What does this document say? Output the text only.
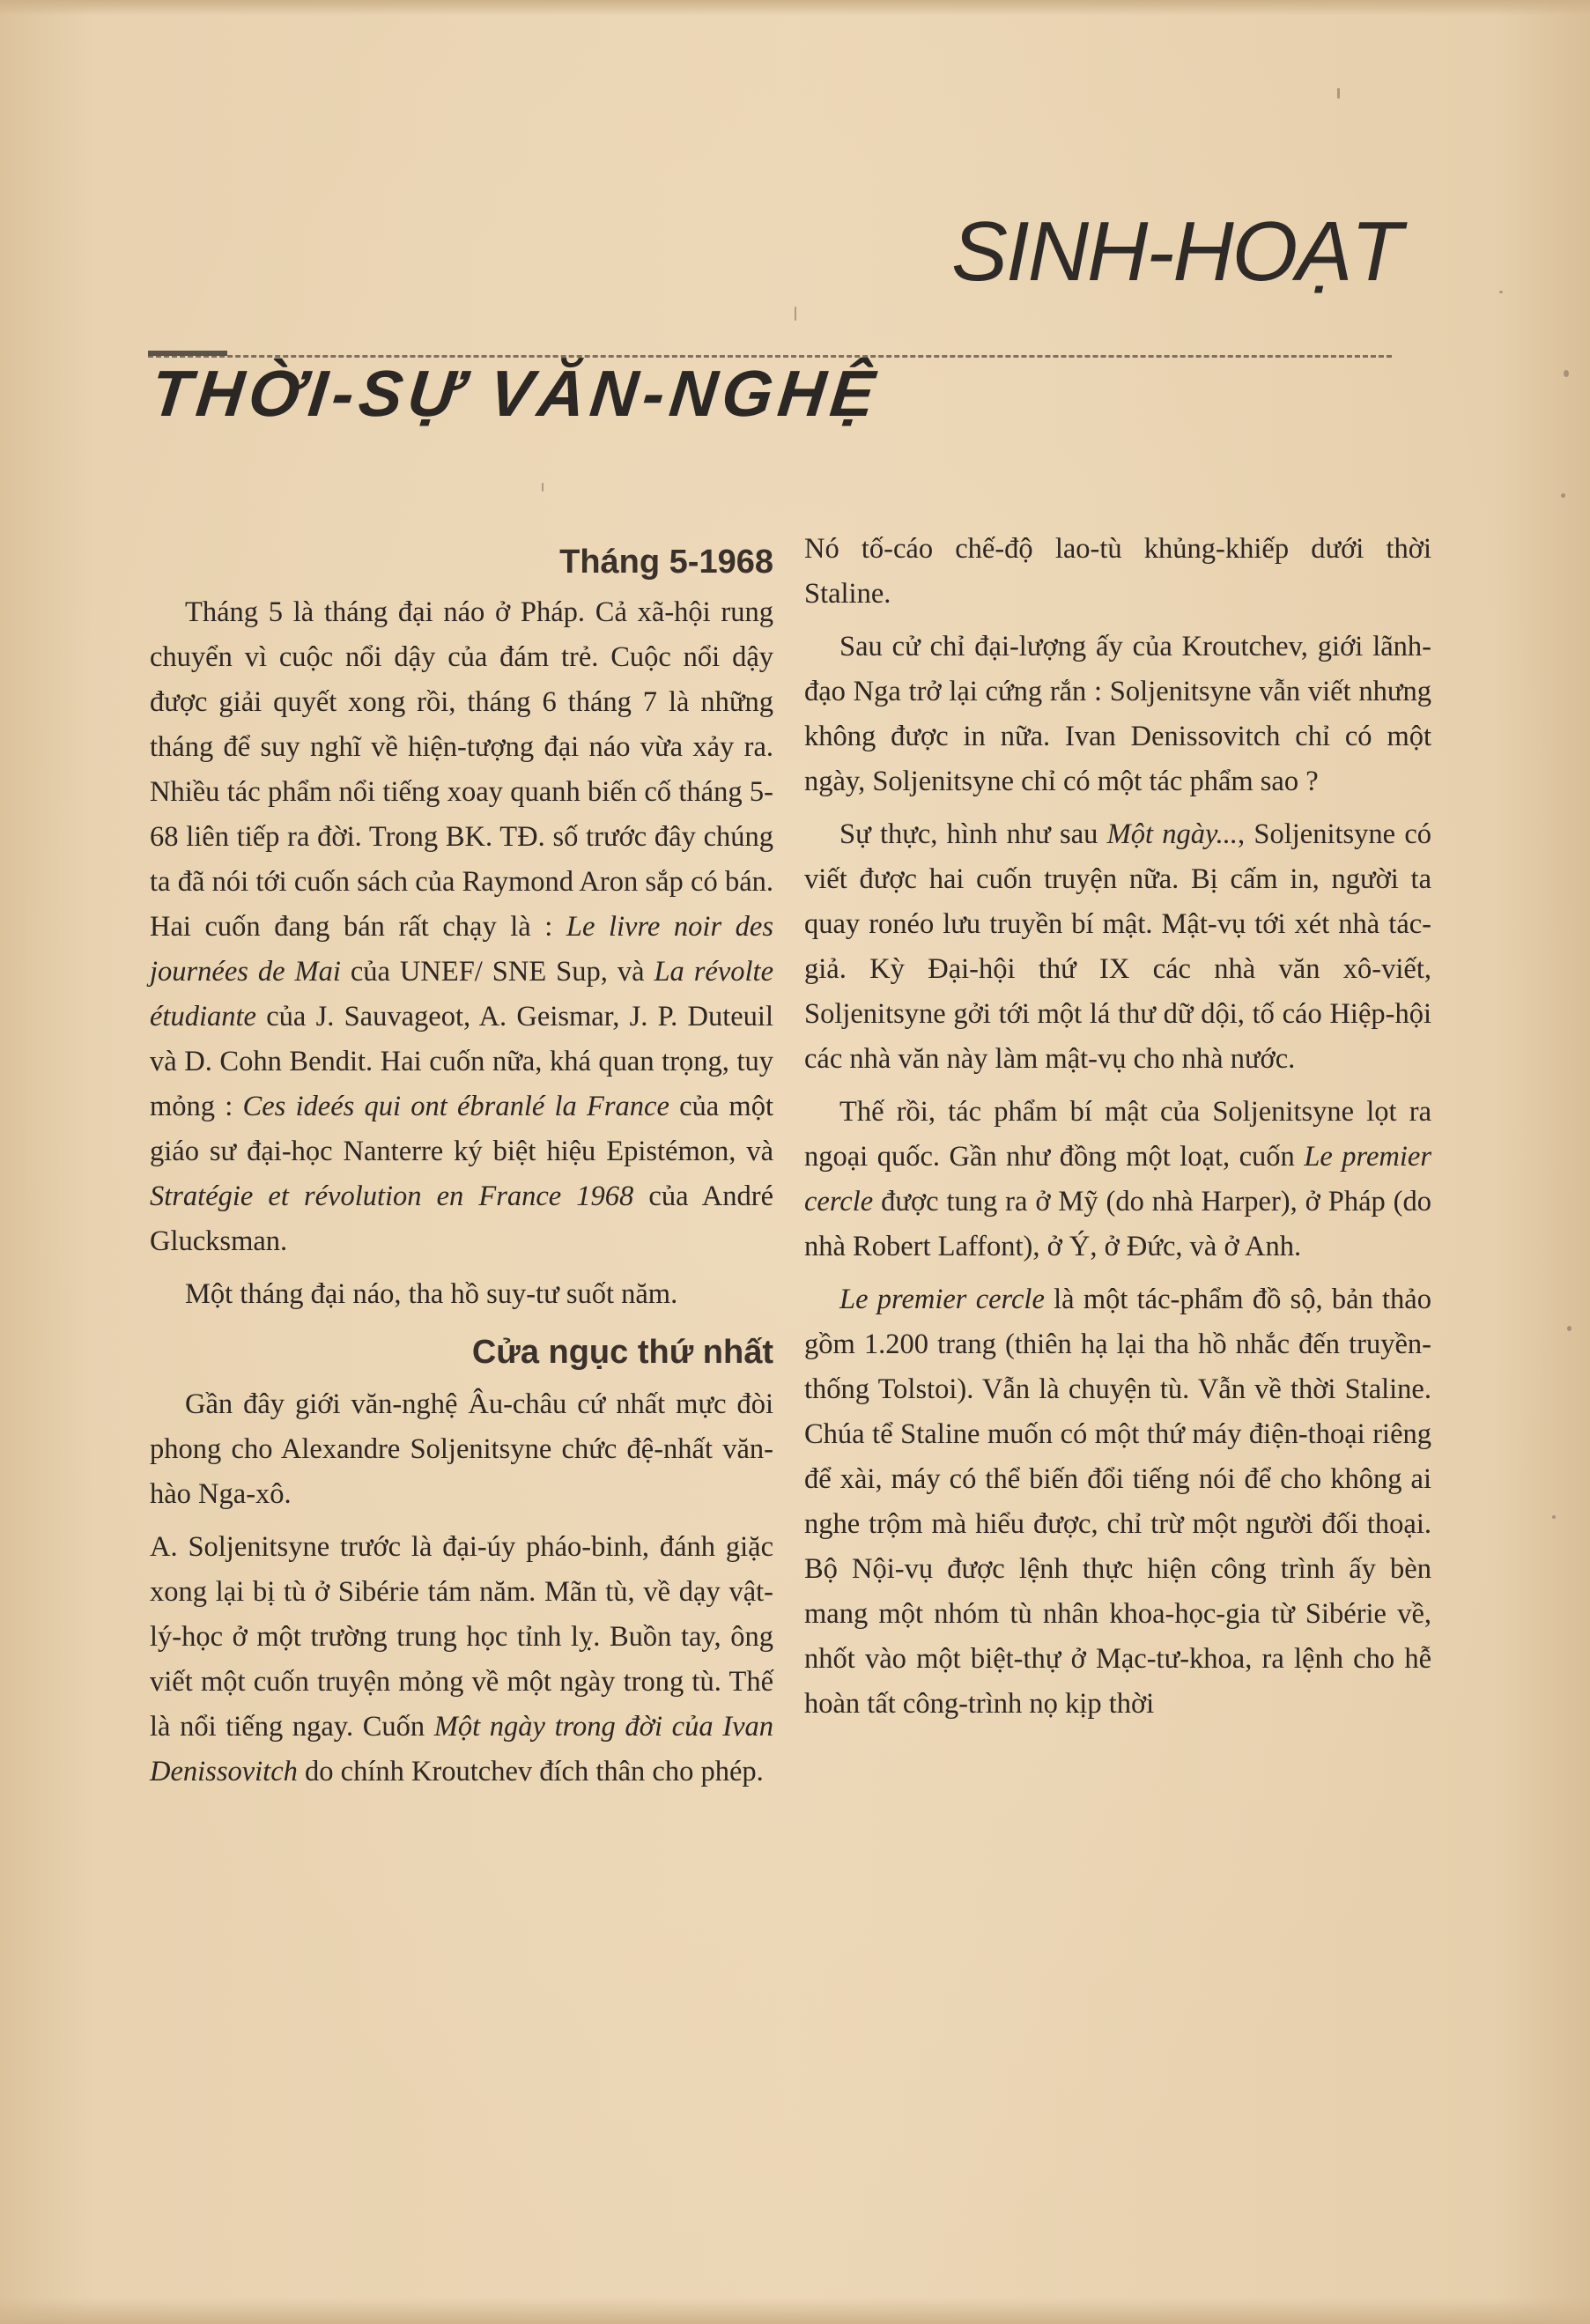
SINH-HOẠT
THỜI-SỰ VĂN-NGHỆ
Tháng 5-1968

Tháng 5 là tháng đại náo ở Pháp. Cả xã-hội rung chuyển vì cuộc nổi dậy của đám trẻ. Cuộc nổi dậy được giải quyết xong rồi, tháng 6 tháng 7 là những tháng để suy nghĩ về hiện-tượng đại náo vừa xảy ra. Nhiều tác phẩm nổi tiếng xoay quanh biến cố tháng 5-68 liên tiếp ra đời. Trong BK. TĐ. số trước đây chúng ta đã nói tới cuốn sách của Raymond Aron sắp có bán. Hai cuốn đang bán rất chạy là : Le livre noir des journées de Mai của UNEF/ SNE Sup, và La révolte étudiante của J. Sauvageot, A. Geismar, J. P. Duteuil và D. Cohn Bendit. Hai cuốn nữa, khá quan trọng, tuy mỏng : Ces ideés qui ont ébranlé la France của một giáo sư đại-học Nanterre ký biệt hiệu Epistémon, và Stratégie et révolution en France 1968 của André Glucksman.

Một tháng đại náo, tha hồ suy-tư suốt năm.

Cửa ngục thứ nhất

Gần đây giới văn-nghệ Âu-châu cứ nhất mực đòi phong cho Alexandre Soljenitsyne chức đệ-nhất văn-hào Nga-xô.

A. Soljenitsyne trước là đại-úy pháo-binh, đánh giặc xong lại bị tù ở Sibérie tám năm. Mãn tù, về dạy vật-lý-học ở một trường trung học tỉnh lỵ. Buồn tay, ông viết một cuốn truyện mỏng về một ngày trong tù. Thế là nổi tiếng ngay. Cuốn Một ngày trong đời của Ivan Denissovitch do chính Kroutchev đích thân cho phép.

Nó tố-cáo chế-độ lao-tù khủng-khiếp dưới thời Staline.

Sau cử chỉ đại-lượng ấy của Kroutchev, giới lãnh-đạo Nga trở lại cứng rắn : Soljenitsyne vẫn viết nhưng không được in nữa. Ivan Denissovitch chỉ có một ngày, Soljenitsyne chỉ có một tác phẩm sao ?

Sự thực, hình như sau Một ngày..., Soljenitsyne có viết được hai cuốn truyện nữa. Bị cấm in, người ta quay ronéo lưu truyền bí mật. Mật-vụ tới xét nhà tác-giả. Kỳ Đại-hội thứ IX các nhà văn xô-viết, Soljenitsyne gởi tới một lá thư dữ dội, tố cáo Hiệp-hội các nhà văn này làm mật-vụ cho nhà nước.

Thế rồi, tác phẩm bí mật của Soljenitsyne lọt ra ngoại quốc. Gần như đồng một loạt, cuốn Le premier cercle được tung ra ở Mỹ (do nhà Harper), ở Pháp (do nhà Robert Laffont), ở Ý, ở Đức, và ở Anh.

Le premier cercle là một tác-phẩm đồ sộ, bản thảo gồm 1.200 trang (thiên hạ lại tha hồ nhắc đến truyền-thống Tolstoi). Vẫn là chuyện tù. Vẫn về thời Staline. Chúa tể Staline muốn có một thứ máy điện-thoại riêng để xài, máy có thể biến đổi tiếng nói để cho không ai nghe trộm mà hiểu được, chỉ trừ một người đối thoại. Bộ Nội-vụ được lệnh thực hiện công trình ấy bèn mang một nhóm tù nhân khoa-học-gia từ Sibérie về, nhốt vào một biệt-thự ở Mạc-tư-khoa, ra lệnh cho hễ hoàn tất công-trình nọ kịp thời
